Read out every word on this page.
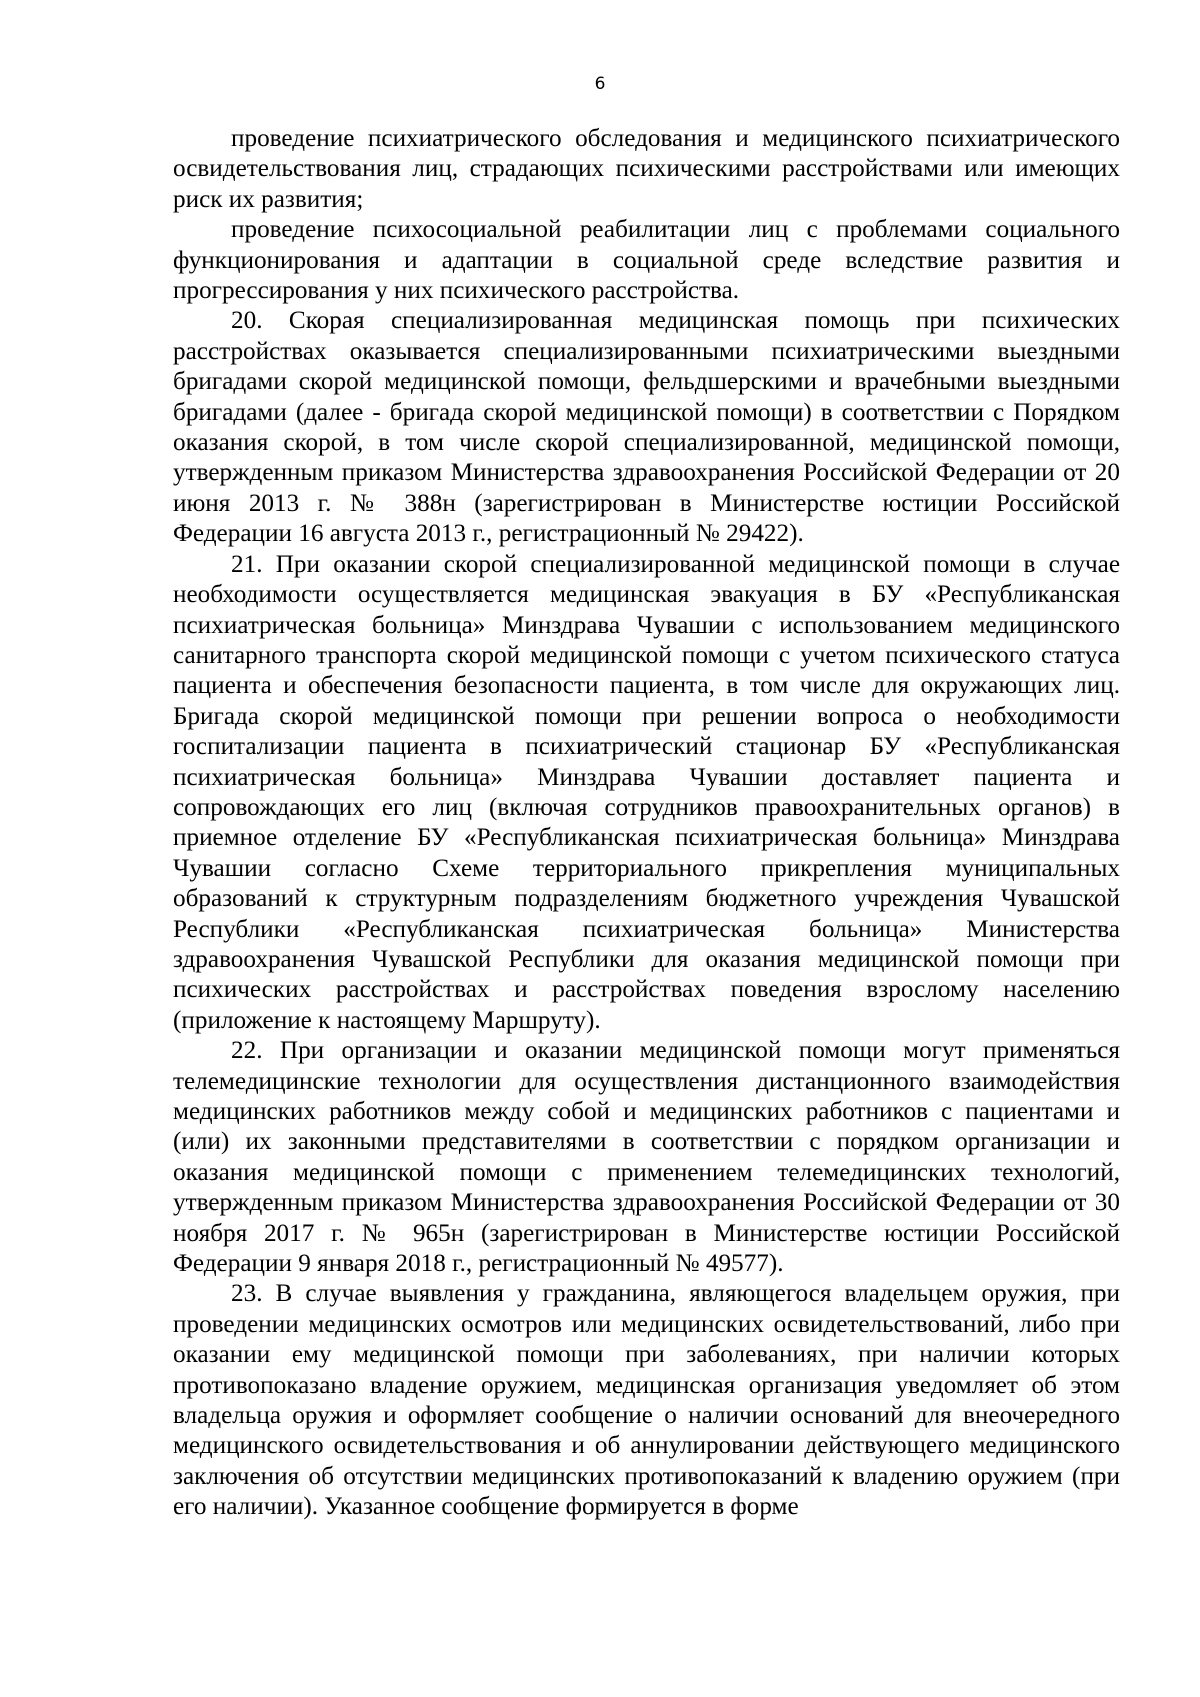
6

проведение психиатрического обследования и медицинского психиатрического освидетельствования лиц, страдающих психическими расстройствами или имеющих риск их развития;

проведение психосоциальной реабилитации лиц с проблемами социального функционирования и адаптации в социальной среде вследствие развития и прогрессирования у них психического расстройства.

20. Скорая специализированная медицинская помощь при психических расстройствах оказывается специализированными психиатрическими выездными бригадами скорой медицинской помощи, фельдшерскими и врачебными выездными бригадами (далее - бригада скорой медицинской помощи) в соответствии с Порядком оказания скорой, в том числе скорой специализированной, медицинской помощи, утвержденным приказом Министерства здравоохранения Российской Федерации от 20 июня 2013 г. № 388н (зарегистрирован в Министерстве юстиции Российской Федерации 16 августа 2013 г., регистрационный № 29422).

21. При оказании скорой специализированной медицинской помощи в случае необходимости осуществляется медицинская эвакуация в БУ «Республиканская психиатрическая больница» Минздрава Чувашии с использованием медицинского санитарного транспорта скорой медицинской помощи с учетом психического статуса пациента и обеспечения безопасности пациента, в том числе для окружающих лиц. Бригада скорой медицинской помощи при решении вопроса о необходимости госпитализации пациента в психиатрический стационар БУ «Республиканская психиатрическая больница» Минздрава Чувашии доставляет пациента и сопровождающих его лиц (включая сотрудников правоохранительных органов) в приемное отделение БУ «Республиканская психиатрическая больница» Минздрава Чувашии согласно Схеме территориального прикрепления муниципальных образований к структурным подразделениям бюджетного учреждения Чувашской Республики «Республиканская психиатрическая больница» Министерства здравоохранения Чувашской Республики для оказания медицинской помощи при психических расстройствах и расстройствах поведения взрослому населению (приложение к настоящему Маршруту).

22. При организации и оказании медицинской помощи могут применяться телемедицинские технологии для осуществления дистанционного взаимодействия медицинских работников между собой и медицинских работников с пациентами и (или) их законными представителями в соответствии с порядком организации и оказания медицинской помощи с применением телемедицинских технологий, утвержденным приказом Министерства здравоохранения Российской Федерации от 30 ноября 2017 г. № 965н (зарегистрирован в Министерстве юстиции Российской Федерации 9 января 2018 г., регистрационный № 49577).

23. В случае выявления у гражданина, являющегося владельцем оружия, при проведении медицинских осмотров или медицинских освидетельствований, либо при оказании ему медицинской помощи при заболеваниях, при наличии которых противопоказано владение оружием, медицинская организация уведомляет об этом владельца оружия и оформляет сообщение о наличии оснований для внеочередного медицинского освидетельствования и об аннулировании действующего медицинского заключения об отсутствии медицинских противопоказаний к владению оружием (при его наличии). Указанное сообщение формируется в форме
